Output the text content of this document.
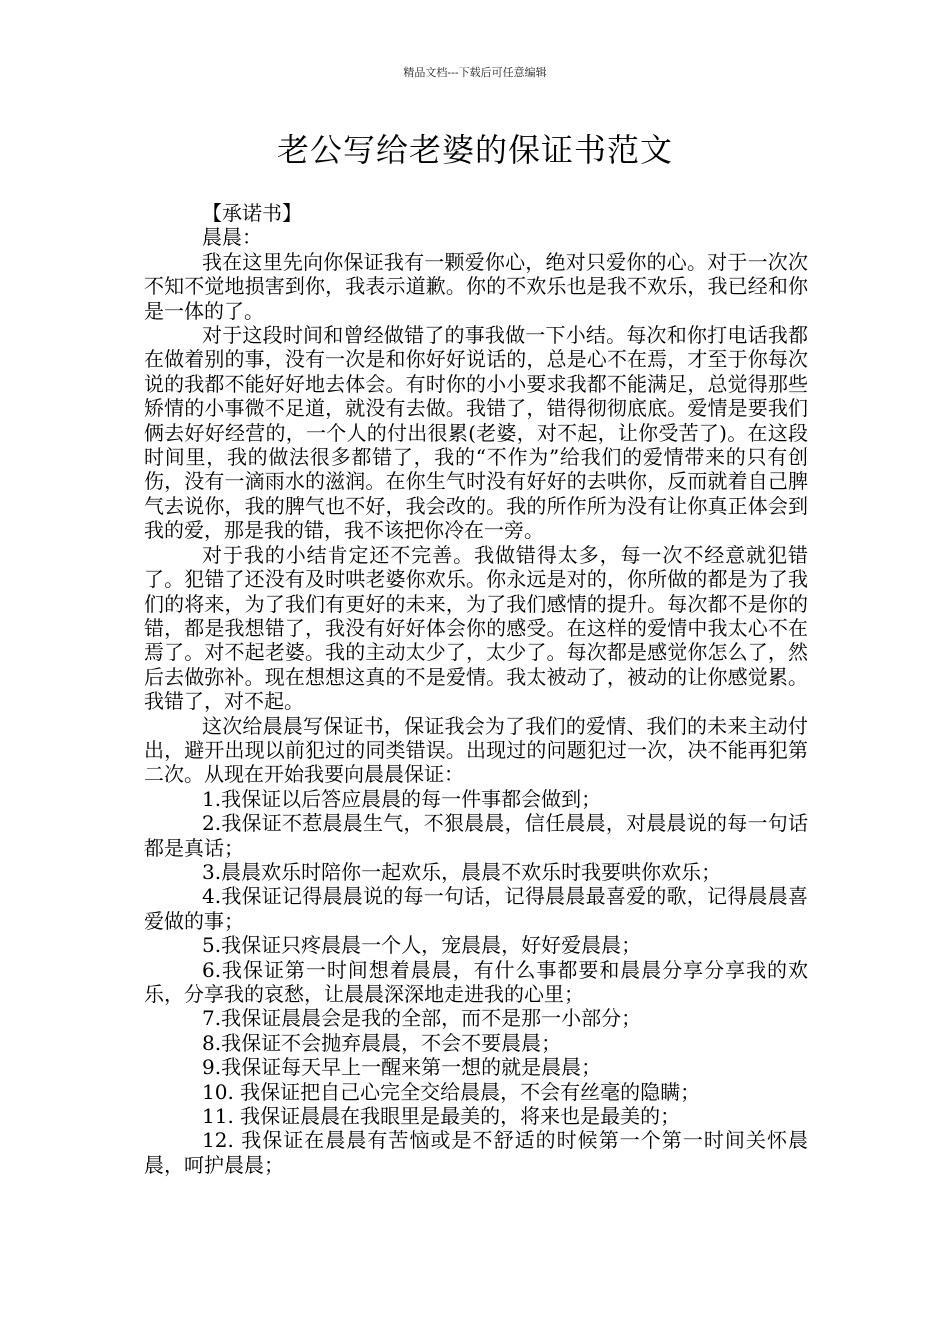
精品文档---下载后可任意编辑
老公写给老婆的保证书范文

【承诺书】

晨晨：

我在这里先向你保证我有一颗爱你心，绝对只爱你的心。对于一次次不知不觉地损害到你，我表示道歉。你的不欢乐也是我不欢乐，我已经和你是一体的了。

对于这段时间和曾经做错了的事我做一下小结。每次和你打电话我都在做着别的事，没有一次是和你好好说话的，总是心不在焉，才至于你每次说的我都不能好好地去体会。有时你的小小要求我都不能满足，总觉得那些矫情的小事微不足道，就没有去做。我错了，错得彻彻底底。爱情是要我们俩去好好经营的，一个人的付出很累(老婆，对不起，让你受苦了)。在这段时间里，我的做法很多都错了，我的“不作为”给我们的爱情带来的只有创伤，没有一滴雨水的滋润。在你生气时没有好好的去哄你，反而就着自己脾气去说你，我的脾气也不好，我会改的。我的所作所为没有让你真正体会到我的爱，那是我的错，我不该把你冷在一旁。

对于我的小结肯定还不完善。我做错得太多，每一次不经意就犯错了。犯错了还没有及时哄老婆你欢乐。你永远是对的，你所做的都是为了我们的将来，为了我们有更好的未来，为了我们感情的提升。每次都不是你的错，都是我想错了，我没有好好体会你的感受。在这样的爱情中我太心不在焉了。对不起老婆。我的主动太少了，太少了。每次都是感觉你怎么了，然后去做弥补。现在想想这真的不是爱情。我太被动了，被动的让你感觉累。我错了，对不起。

这次给晨晨写保证书，保证我会为了我们的爱情、我们的未来主动付出，避开出现以前犯过的同类错误。出现过的问题犯过一次，决不能再犯第二次。从现在开始我要向晨晨保证：

1.我保证以后答应晨晨的每一件事都会做到；

2.我保证不惹晨晨生气，不狠晨晨，信任晨晨，对晨晨说的每一句话都是真话；

3.晨晨欢乐时陪你一起欢乐，晨晨不欢乐时我要哄你欢乐；

4.我保证记得晨晨说的每一句话，记得晨晨最喜爱的歌，记得晨晨喜爱做的事；

5.我保证只疼晨晨一个人，宠晨晨，好好爱晨晨；

6.我保证第一时间想着晨晨，有什么事都要和晨晨分享分享我的欢乐，分享我的哀愁，让晨晨深深地走进我的心里；

7.我保证晨晨会是我的全部，而不是那一小部分；

8.我保证不会抛弃晨晨，不会不要晨晨；

9.我保证每天早上一醒来第一想的就是晨晨；

10. 我保证把自己心完全交给晨晨，不会有丝毫的隐瞒；

11. 我保证晨晨在我眼里是最美的，将来也是最美的；

12. 我保证在晨晨有苦恼或是不舒适的时候第一个第一时间关怀晨晨，呵护晨晨；
